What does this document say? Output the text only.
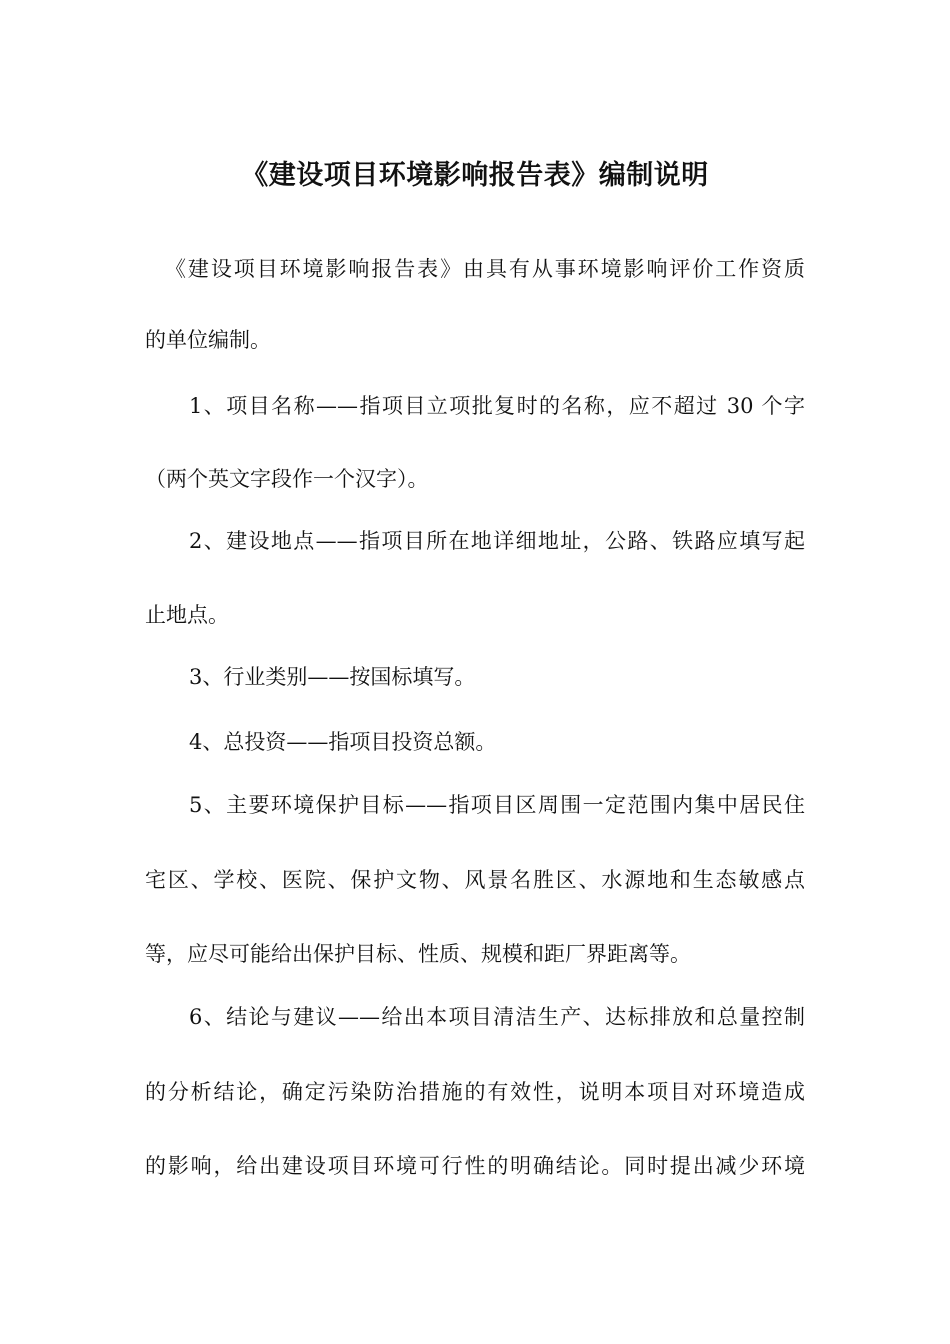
《建设项目环境影响报告表》编制说明
《建设项目环境影响报告表》由具有从事环境影响评价工作资质
的单位编制。
1、项目名称——指项目立项批复时的名称，应不超过 30 个字
（两个英文字段作一个汉字）。
2、建设地点——指项目所在地详细地址，公路、铁路应填写起
止地点。
3、行业类别——按国标填写。
4、总投资——指项目投资总额。
5、主要环境保护目标——指项目区周围一定范围内集中居民住
宅区、学校、医院、保护文物、风景名胜区、水源地和生态敏感点
等，应尽可能给出保护目标、性质、规模和距厂界距离等。
6、结论与建议——给出本项目清洁生产、达标排放和总量控制
的分析结论，确定污染防治措施的有效性，说明本项目对环境造成
的影响，给出建设项目环境可行性的明确结论。同时提出减少环境
